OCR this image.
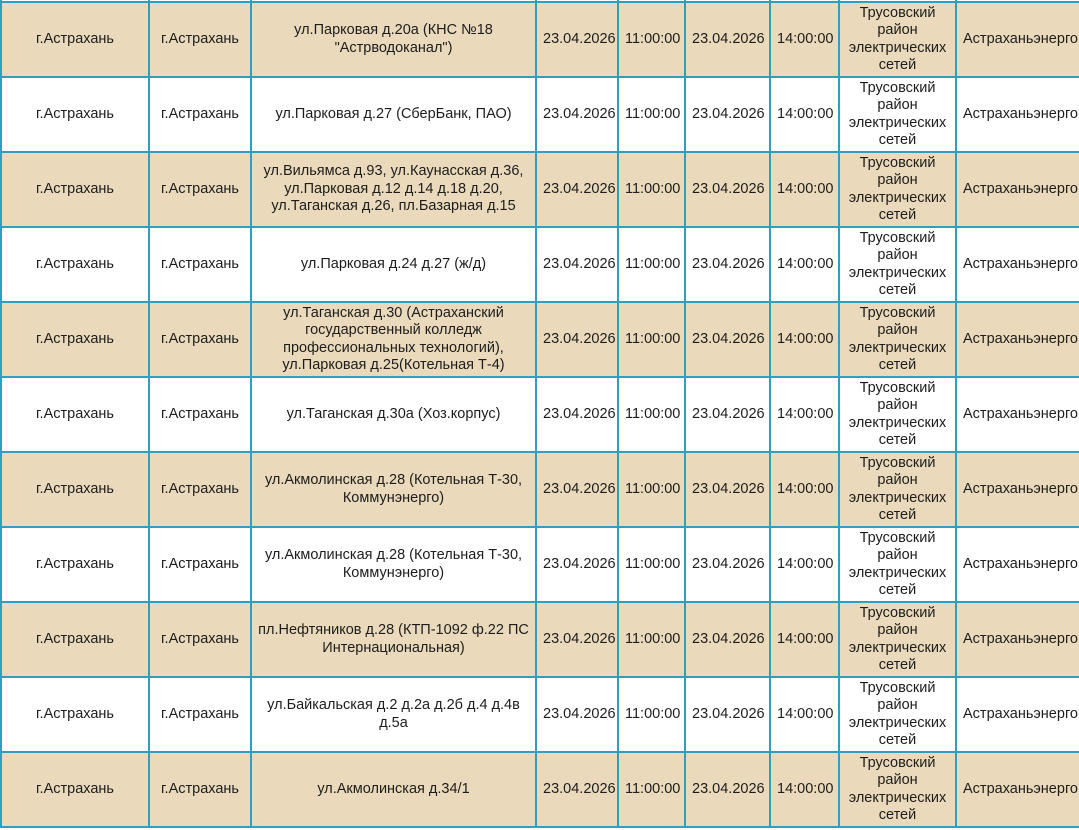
г.Астрахань	г.Астрахань	ул.Парковая д.20а (КНС №18 "Астрводоканал")	23.04.2026	11:00:00	23.04.2026	14:00:00	Трусовский район электрических сетей	Астраханьэнерго
г.Астрахань	г.Астрахань	ул.Парковая д.27 (СберБанк, ПАО)	23.04.2026	11:00:00	23.04.2026	14:00:00	Трусовский район электрических сетей	Астраханьэнерго
г.Астрахань	г.Астрахань	ул.Вильямса д.93, ул.Каунасская д.36, ул.Парковая д.12 д.14 д.18 д.20, ул.Таганская д.26, пл.Базарная д.15	23.04.2026	11:00:00	23.04.2026	14:00:00	Трусовский район электрических сетей	Астраханьэнерго
г.Астрахань	г.Астрахань	ул.Парковая д.24 д.27 (ж/д)	23.04.2026	11:00:00	23.04.2026	14:00:00	Трусовский район электрических сетей	Астраханьэнерго
г.Астрахань	г.Астрахань	ул.Таганская д.30 (Астраханский государственный колледж профессиональных технологий), ул.Парковая д.25(Котельная Т-4)	23.04.2026	11:00:00	23.04.2026	14:00:00	Трусовский район электрических сетей	Астраханьэнерго
г.Астрахань	г.Астрахань	ул.Таганская д.30а (Хоз.корпус)	23.04.2026	11:00:00	23.04.2026	14:00:00	Трусовский район электрических сетей	Астраханьэнерго
г.Астрахань	г.Астрахань	ул.Акмолинская д.28 (Котельная Т-30, Коммунэнерго)	23.04.2026	11:00:00	23.04.2026	14:00:00	Трусовский район электрических сетей	Астраханьэнерго
г.Астрахань	г.Астрахань	ул.Акмолинская д.28 (Котельная Т-30, Коммунэнерго)	23.04.2026	11:00:00	23.04.2026	14:00:00	Трусовский район электрических сетей	Астраханьэнерго
г.Астрахань	г.Астрахань	пл.Нефтяников д.28 (КТП-1092 ф.22 ПС Интернациональная)	23.04.2026	11:00:00	23.04.2026	14:00:00	Трусовский район электрических сетей	Астраханьэнерго
г.Астрахань	г.Астрахань	ул.Байкальская д.2 д.2а д.2б д.4 д.4в д.5а	23.04.2026	11:00:00	23.04.2026	14:00:00	Трусовский район электрических сетей	Астраханьэнерго
г.Астрахань	г.Астрахань	ул.Акмолинская д.34/1	23.04.2026	11:00:00	23.04.2026	14:00:00	Трусовский район электрических сетей	Астраханьэнерго
